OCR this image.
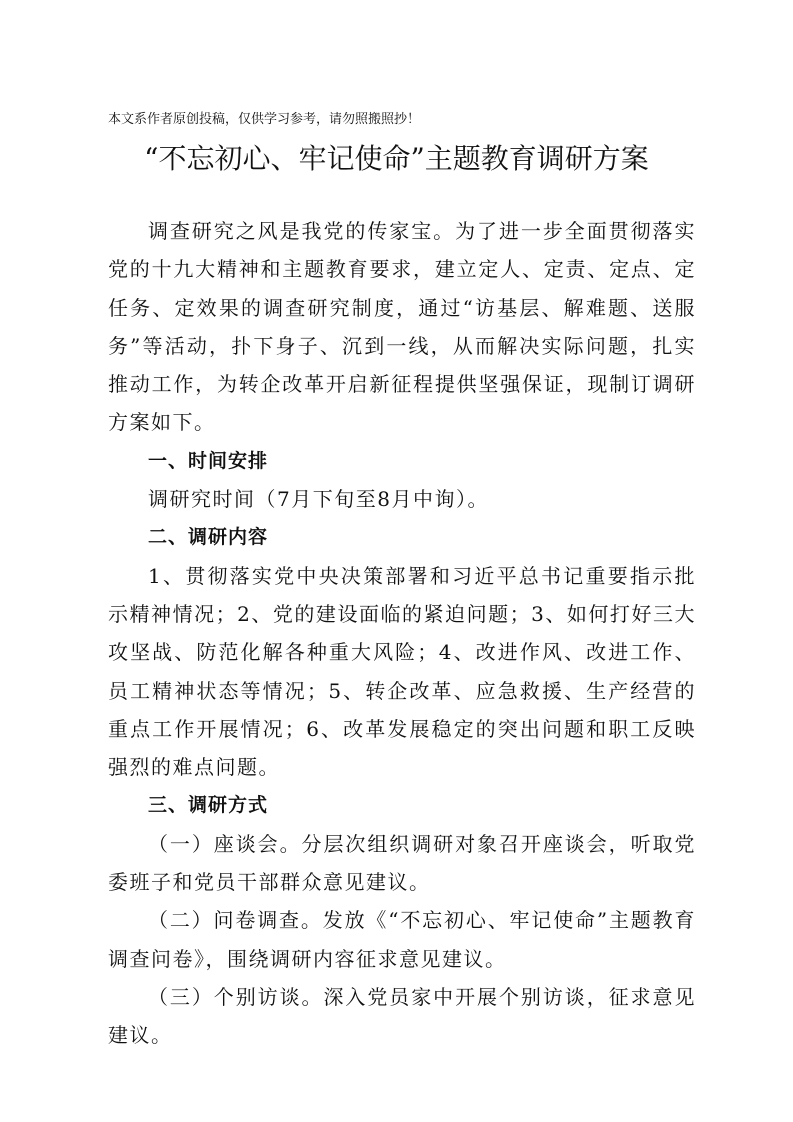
本文系作者原创投稿，仅供学习参考，请勿照搬照抄！
“不忘初心、牢记使命”主题教育调研方案

调查研究之风是我党的传家宝。为了进一步全面贯彻落实党的十九大精神和主题教育要求，建立定人、定责、定点、定任务、定效果的调查研究制度，通过“访基层、解难题、送服务”等活动，扑下身子、沉到一线，从而解决实际问题，扎实推动工作，为转企改革开启新征程提供坚强保证，现制订调研方案如下。

一、时间安排

调研究时间（7月下旬至8月中询）。

二、调研内容

1、贯彻落实党中央决策部署和习近平总书记重要指示批示精神情况；2、党的建设面临的紧迫问题；3、如何打好三大攻坚战、防范化解各种重大风险；4、改进作风、改进工作、员工精神状态等情况；5、转企改革、应急救援、生产经营的重点工作开展情况；6、改革发展稳定的突出问题和职工反映强烈的难点问题。

三、调研方式

（一）座谈会。分层次组织调研对象召开座谈会，听取党委班子和党员干部群众意见建议。

（二）问卷调查。发放《“不忘初心、牢记使命”主题教育调查问卷》，围绕调研内容征求意见建议。

（三）个别访谈。深入党员家中开展个别访谈，征求意见建议。
